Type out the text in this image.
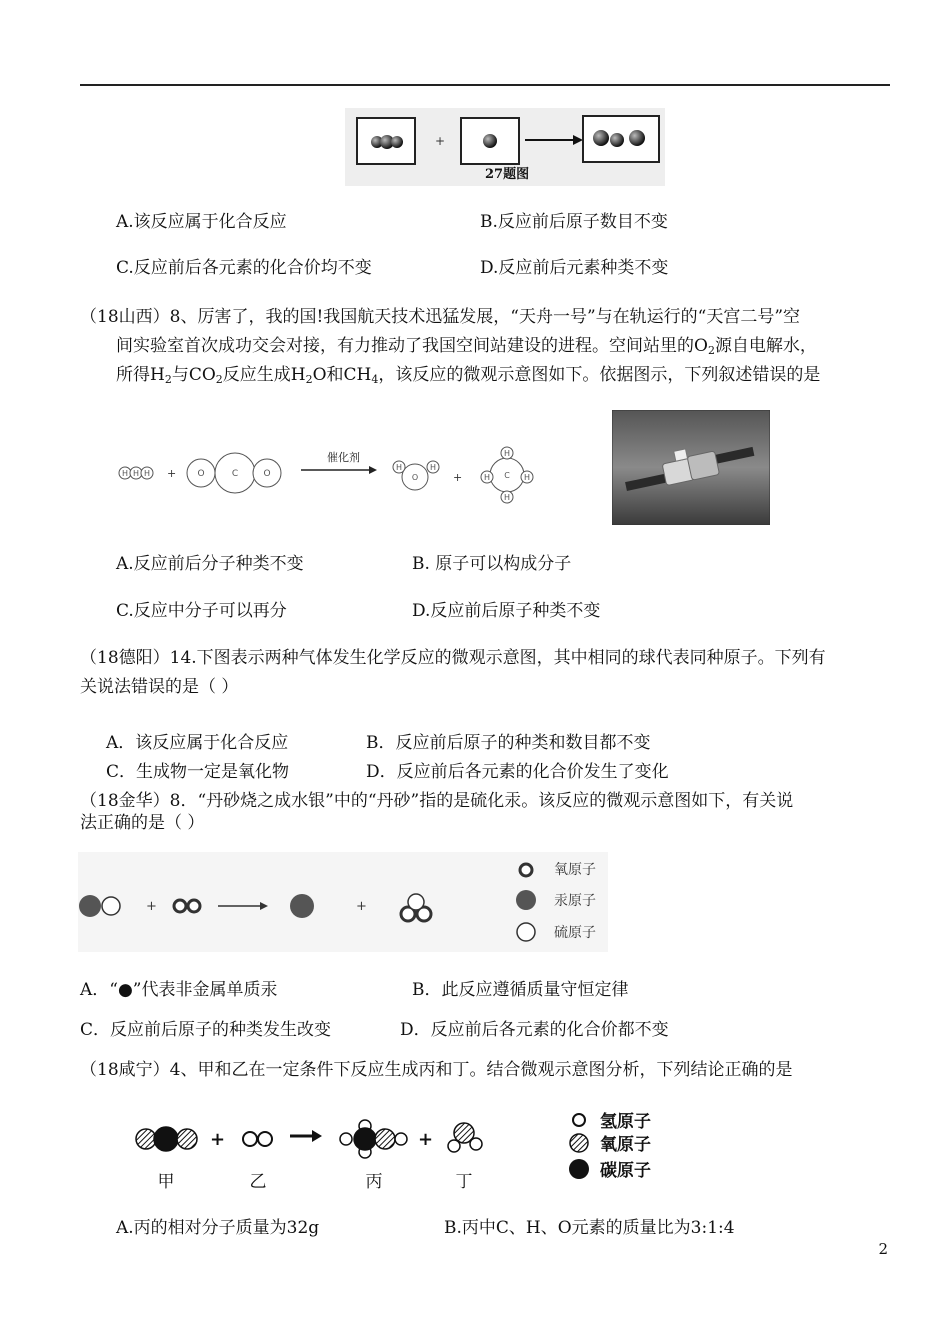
+
27题图
A.该反应属于化合反应	B.反应前后原子数目不变
C.反应前后各元素的化合价均不变	D.反应前后元素种类不变
（18山西）8、厉害了，我的国!我国航天技术迅猛发展，“天舟一号”与在轨运行的“天宫二号”空
间实验室首次成功交会对接，有力推动了我国空间站建设的进程。空间站里的$O_2$源自电解水，
所得$H_2$与$CO_2$反应生成$H_2O$和$CH_4$，该反应的微观示意图如下。依据图示，下列叙述错误的是
H H H + O	C	O
催化剂
O
H	H
+	C
H
H	H
H
A.反应前后分子种类不变	B. 原子可以构成分子
C.反应中分子可以再分	D.反应前后原子种类不变
（18德阳）14.下图表示两种气体发生化学反应的微观示意图，其中相同的球代表同种原子。下列有
关说法错误的是（ ）
A．该反应属于化合反应	B．反应前后原子的种类和数目都不变
C．生成物一定是氧化物	D．反应前后各元素的化合价发生了变化
（18金华）8．“丹砂烧之成水银”中的“丹砂”指的是硫化汞。该反应的微观示意图如下，有关说
法正确的是（ ）
+	+
氧原子
汞原子
硫原子
A．“●”代表非金属单质汞	B．此反应遵循质量守恒定律
C．反应前后原子的种类发生改变	D．反应前后各元素的化合价都不变
（18咸宁）4、甲和乙在一定条件下反应生成丙和丁。结合微观示意图分析，下列结论正确的是
+	+
甲	乙	丙	丁
氢原子
氧原子
碳原子
A.丙的相对分子质量为32g	B.丙中C、H、O元素的质量比为3:1:4
2
